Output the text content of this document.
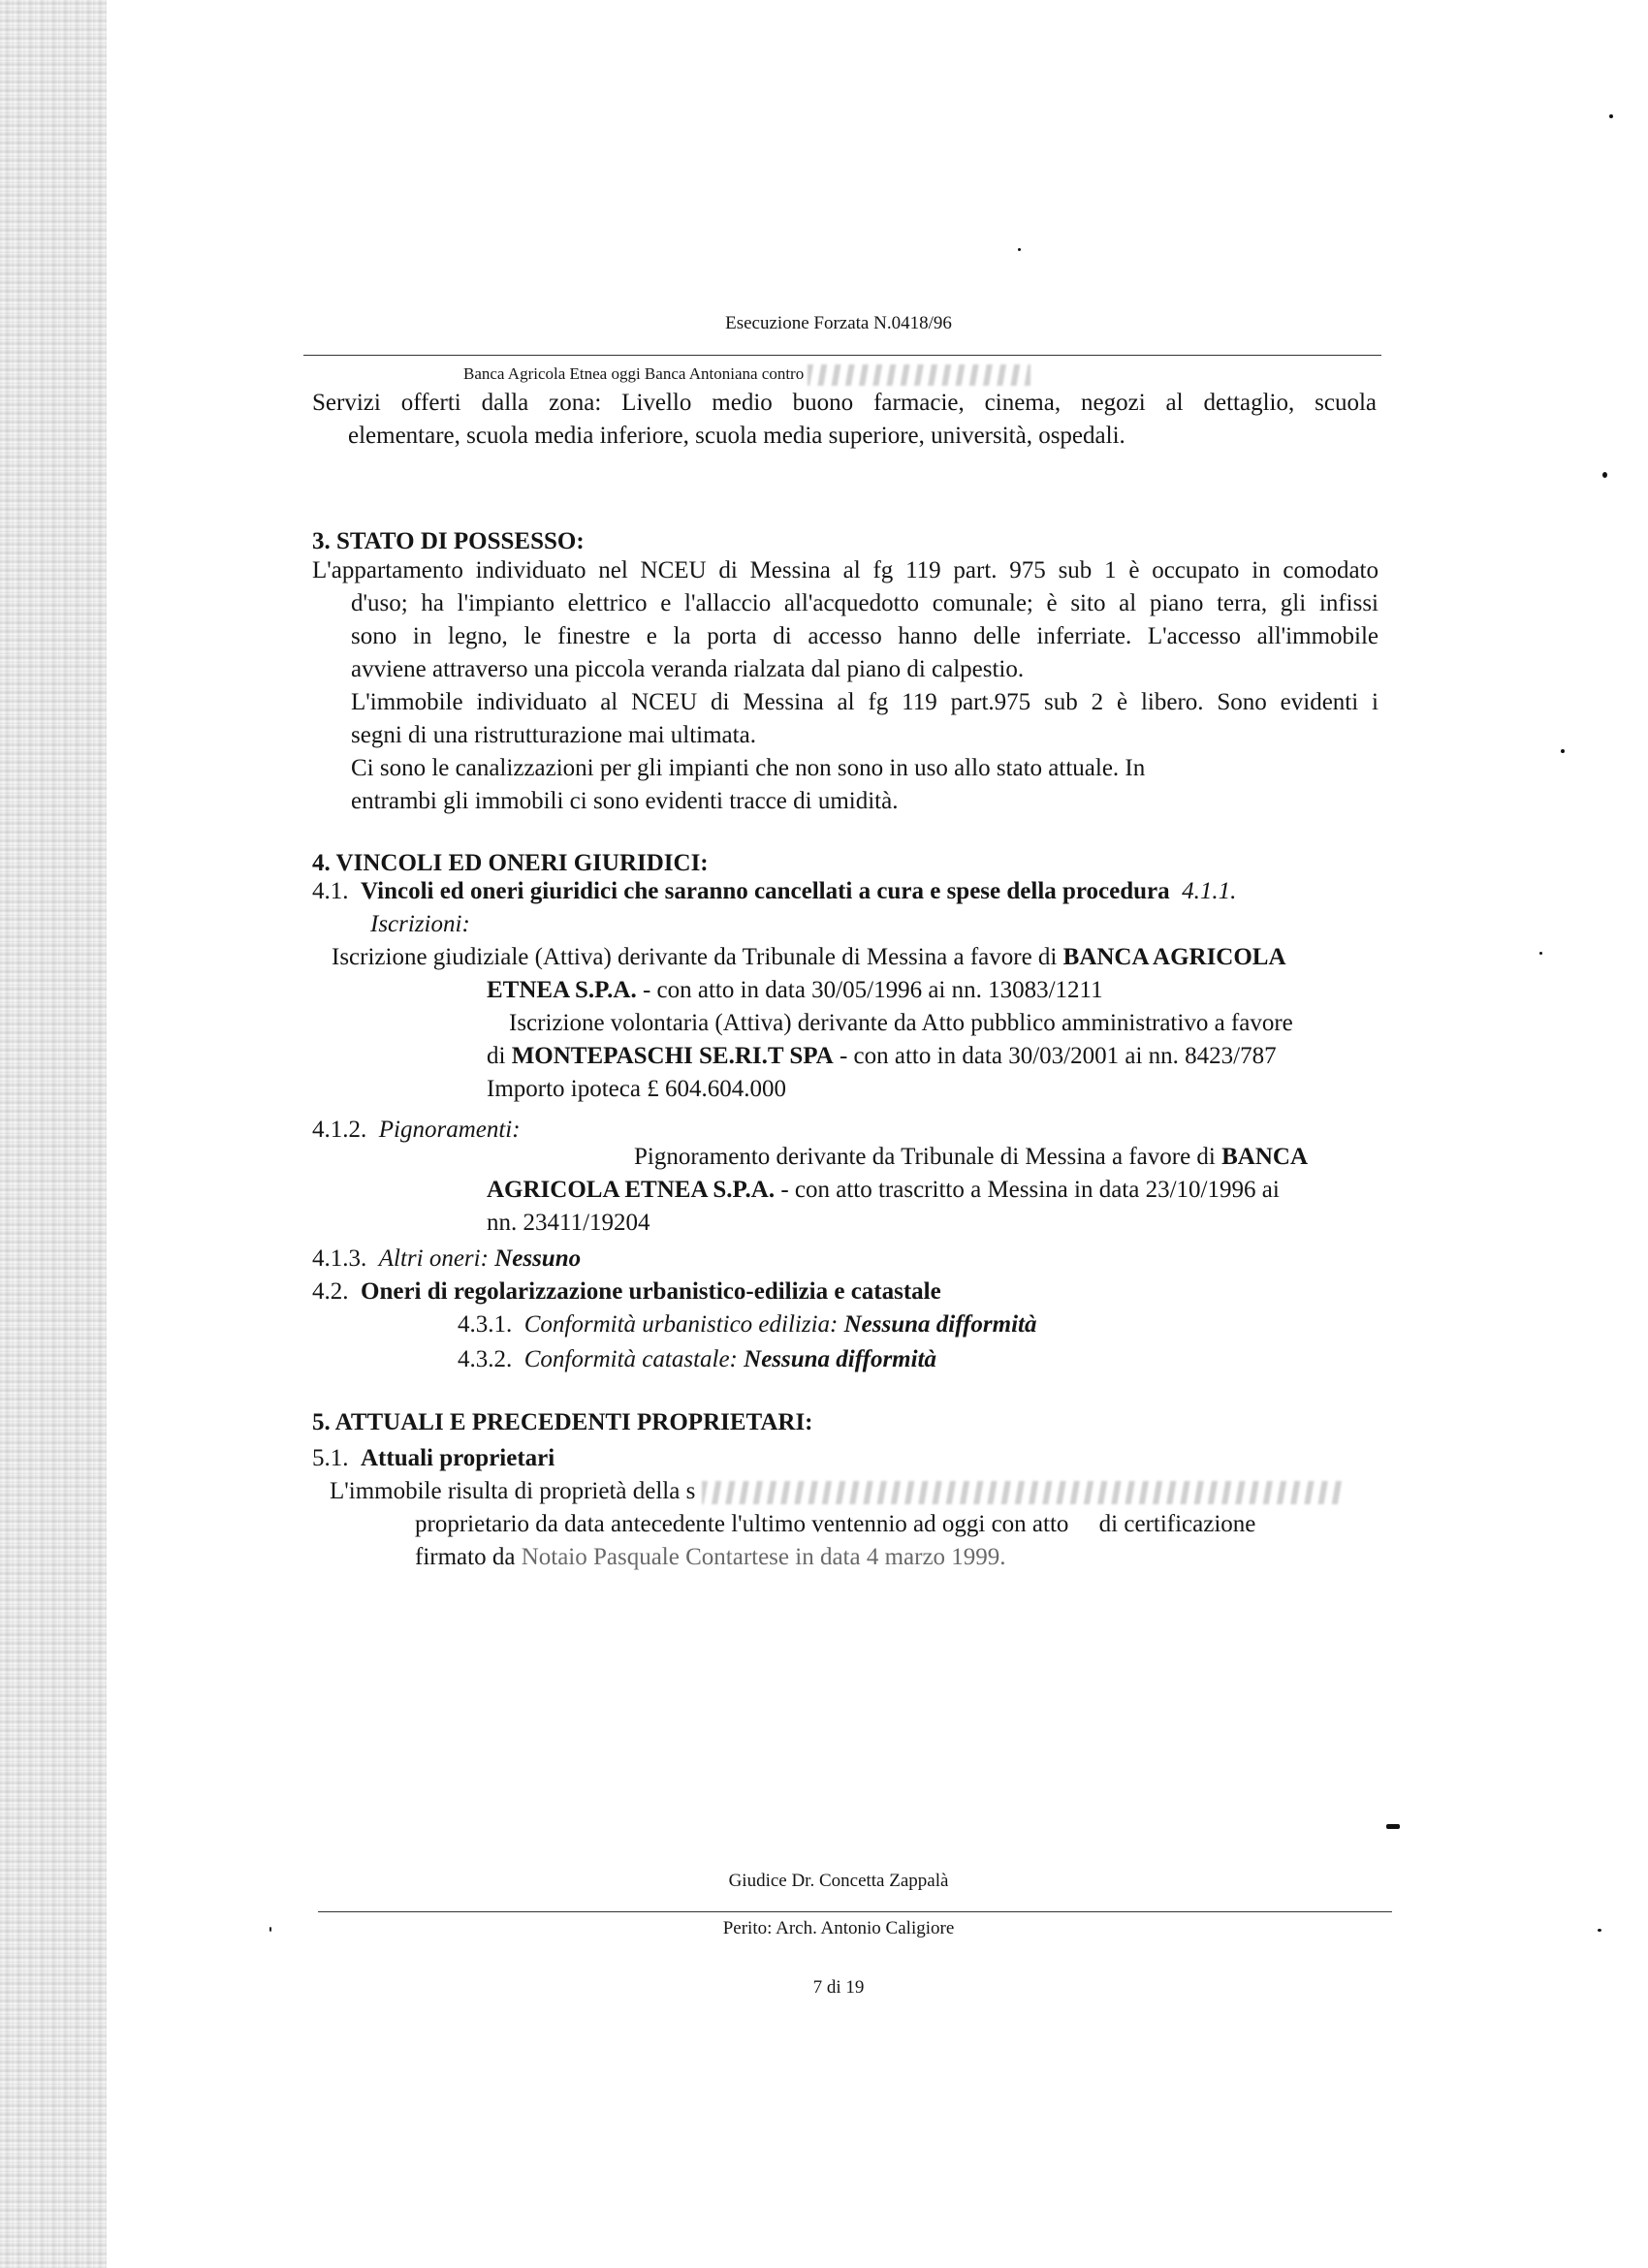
Esecuzione Forzata N.0418/96
Banca Agricola Etnea oggi Banca Antoniana contro
Servizi offerti dalla zona: Livello medio buono farmacie, cinema, negozi al dettaglio, scuola
elementare, scuola media inferiore, scuola media superiore, università, ospedali.
3. STATO DI POSSESSO:
L'appartamento individuato nel NCEU di Messina al fg 119 part. 975 sub 1 è occupato in comodato
d'uso; ha l'impianto elettrico e l'allaccio all'acquedotto comunale; è sito al piano terra, gli infissi
sono in legno, le finestre e la porta di accesso hanno delle inferriate. L'accesso all'immobile
avviene attraverso una piccola veranda rialzata dal piano di calpestio.
L'immobile individuato al NCEU di Messina al fg 119 part.975 sub 2 è libero. Sono evidenti i
segni di una ristrutturazione mai ultimata.
Ci sono le canalizzazioni per gli impianti che non sono in uso allo stato attuale. In
entrambi gli immobili ci sono evidenti tracce di umidità.
4. VINCOLI ED ONERI GIURIDICI:
4.1. Vincoli ed oneri giuridici che saranno cancellati a cura e spese della procedura 4.1.1.
Iscrizioni:
Iscrizione giudiziale (Attiva) derivante da Tribunale di Messina a favore di BANCA AGRICOLA
ETNEA S.P.A. - con atto in data 30/05/1996 ai nn. 13083/1211
Iscrizione volontaria (Attiva) derivante da Atto pubblico amministrativo a favore
di MONTEPASCHI SE.RI.T SPA - con atto in data 30/03/2001 ai nn. 8423/787
Importo ipoteca £ 604.604.000
4.1.2. Pignoramenti:
Pignoramento derivante da Tribunale di Messina a favore di BANCA
AGRICOLA ETNEA S.P.A. - con atto trascritto a Messina in data 23/10/1996 ai
nn. 23411/19204
4.1.3. Altri oneri: Nessuno
4.2. Oneri di regolarizzazione urbanistico-edilizia e catastale
4.3.1. Conformità urbanistico edilizia: Nessuna difformità
4.3.2. Conformità catastale: Nessuna difformità
5. ATTUALI E PRECEDENTI PROPRIETARI:
5.1. Attuali proprietari
L'immobile risulta di proprietà della s
proprietario da data antecedente l'ultimo ventennio ad oggi con atto di certificazione
firmato da Notaio Pasquale Contartese in data 4 marzo 1999.
Giudice Dr. Concetta Zappalà
Perito: Arch. Antonio Caligiore
7 di 19
